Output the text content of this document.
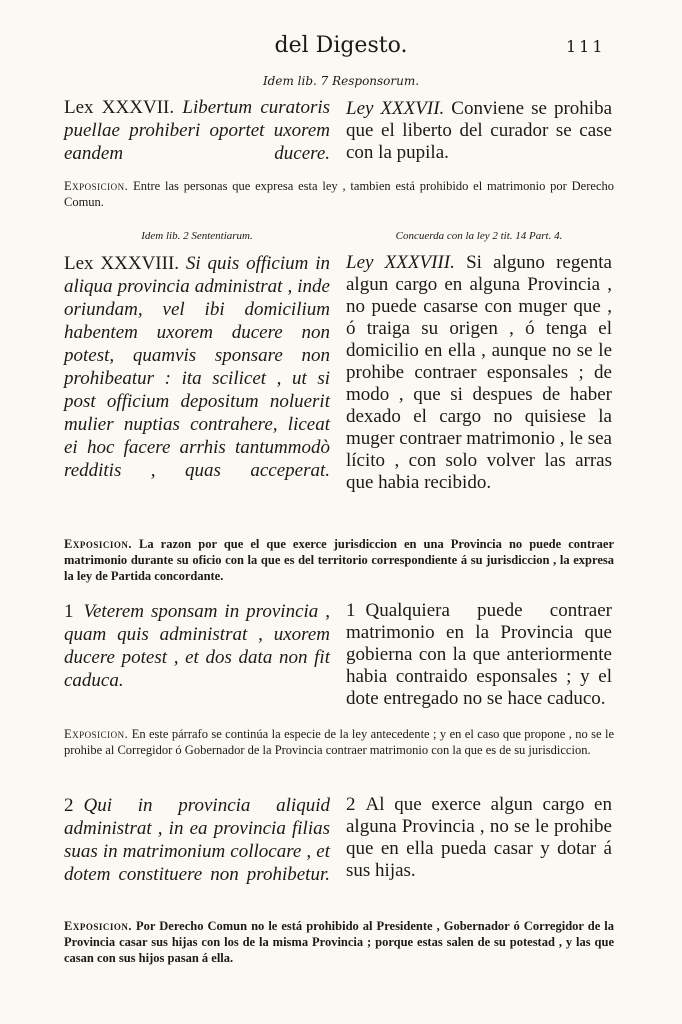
del Digesto.	111
Idem lib. 7 Responsorum.
Lex XXXVII. Libertum curatoris puellae prohiberi oportet uxorem eandem ducere.
Ley XXXVII. Conviene se prohiba que el liberto del curador se case con la pupila.
Exposicion. Entre las personas que expresa esta ley , tambien está prohibido el matrimonio por Derecho Comun.
Idem lib. 2 Sententiarum.	Concuerda con la ley 2 tit. 14 Part. 4.
Lex XXXVIII. Si quis officium in aliqua provincia administrat , inde oriundam, vel ibi domicilium habentem uxorem ducere non potest, quamvis sponsare non prohibeatur : ita scilicet , ut si post officium depositum noluerit mulier nuptias contrahere, liceat ei hoc facere arrhis tantummodò redditis , quas acceperat.
Ley XXXVIII. Si alguno regenta algun cargo en alguna Provincia , no puede casarse con muger que , ó traiga su origen , ó tenga el domicilio en ella , aunque no se le prohibe contraer esponsales ; de modo , que si despues de haber dexado el cargo no quisiese la muger contraer matrimonio , le sea lícito , con solo volver las arras que habia recibido.
Exposicion. La razon por que el que exerce jurisdiccion en una Provincia no puede contraer matrimonio durante su oficio con la que es del territorio correspondiente á su jurisdiccion , la expresa la ley de Partida concordante.
1 Veterem sponsam in provincia , quam quis administrat , uxorem ducere potest , et dos data non fit caduca.
1 Qualquiera puede contraer matrimonio en la Provincia que gobierna con la que anteriormente habia contraido esponsales ; y el dote entregado no se hace caduco.
Exposicion. En este párrafo se continúa la especie de la ley antecedente ; y en el caso que propone , no se le prohibe al Corregidor ó Gobernador de la Provincia contraer matrimonio con la que es de su jurisdiccion.
2 Qui in provincia aliquid administrat , in ea provincia filias suas in matrimonium collocare , et dotem constituere non prohibetur.
2 Al que exerce algun cargo en alguna Provincia , no se le prohibe que en ella pueda casar y dotar á sus hijas.
Exposicion. Por Derecho Comun no le está prohibido al Presidente , Gobernador ó Corregidor de la Provincia casar sus hijas con los de la misma Provincia ; porque estas salen de su potestad , y las que casan con sus hijos pasan á ella.
